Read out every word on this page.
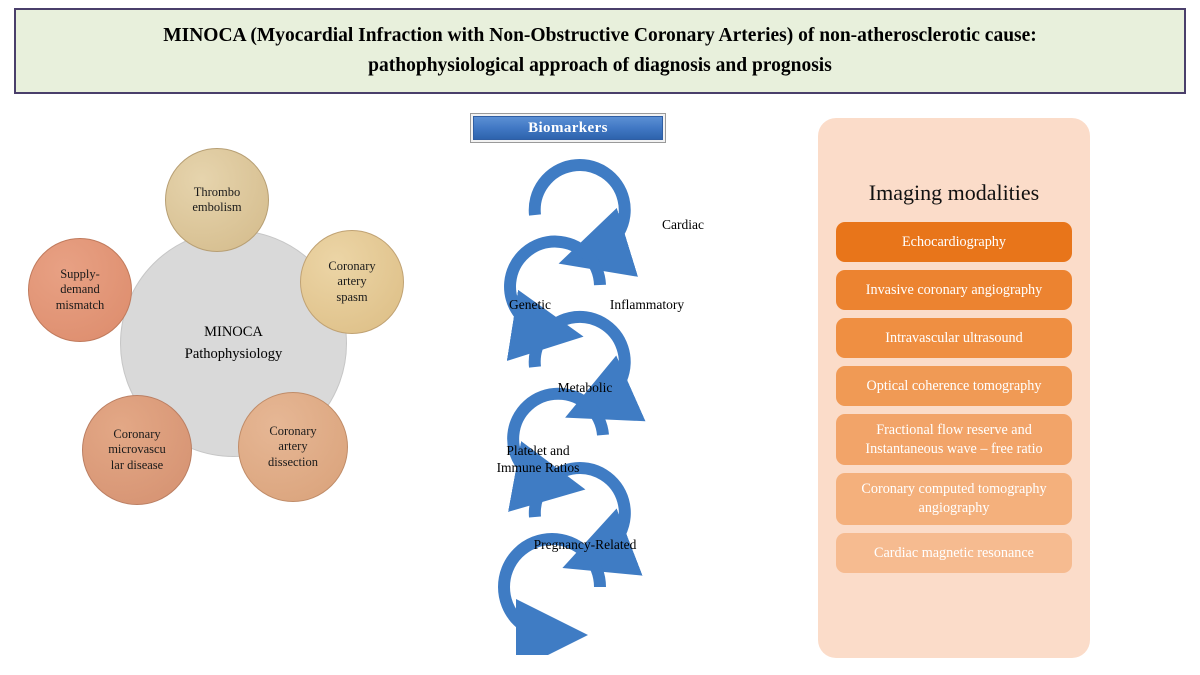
MINOCA (Myocardial Infraction with Non-Obstructive Coronary Arteries) of non-atherosclerotic cause:
pathophysiological approach of diagnosis and prognosis
MINOCA
Pathophysiology
Thrombo
embolism
Supply-
demand
mismatch
Coronary
artery
spasm
Coronary
microvascu
lar disease
Coronary
artery
dissection
Biomarkers
Cardiac
Genetic	Inflammatory
Metabolic
Platelet and Immune Ratios
Pregnancy-Related
Imaging modalities
Echocardiography
Invasive coronary angiography
Intravascular ultrasound
Optical coherence tomography
Fractional flow reserve and Instantaneous wave – free ratio
Coronary computed tomography angiography
Cardiac magnetic resonance
